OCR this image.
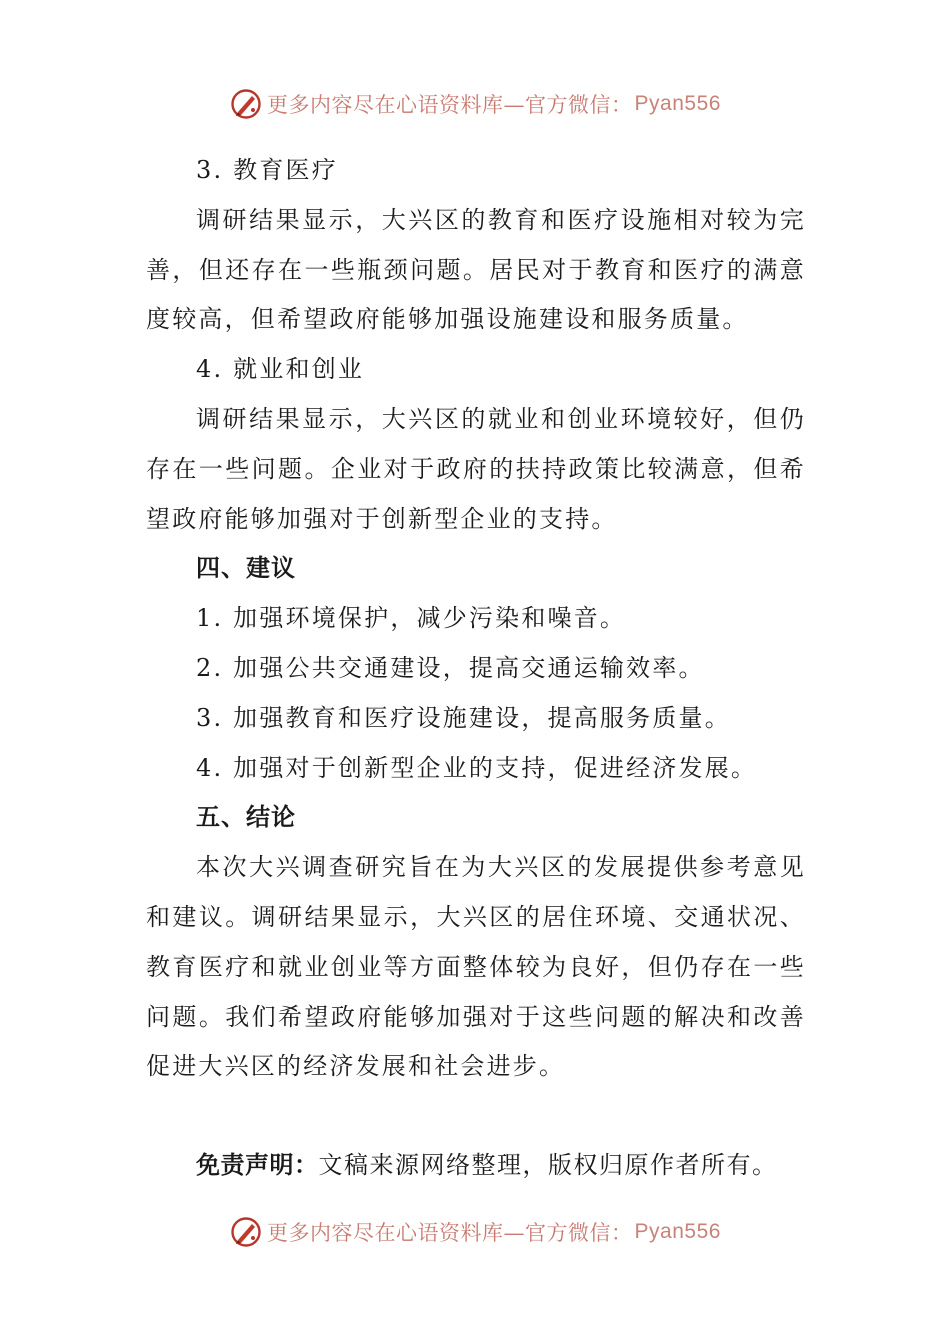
更多内容尽在心语资料库—官方微信： Pyan556
3. 教育医疗

调研结果显示，大兴区的教育和医疗设施相对较为完善，但还存在一些瓶颈问题。居民对于教育和医疗的满意度较高，但希望政府能够加强设施建设和服务质量。

4. 就业和创业

调研结果显示，大兴区的就业和创业环境较好，但仍存在一些问题。企业对于政府的扶持政策比较满意，但希望政府能够加强对于创新型企业的支持。

四、建议
1. 加强环境保护，减少污染和噪音。
2. 加强公共交通建设，提高交通运输效率。
3. 加强教育和医疗设施建设，提高服务质量。
4. 加强对于创新型企业的支持，促进经济发展。
五、结论

本次大兴调查研究旨在为大兴区的发展提供参考意见和建议。调研结果显示，大兴区的居住环境、交通状况、教育医疗和就业创业等方面整体较为良好，但仍存在一些问题。我们希望政府能够加强对于这些问题的解决和改善促进大兴区的经济发展和社会进步。

免责声明：文稿来源网络整理，版权归原作者所有。
更多内容尽在心语资料库—官方微信： Pyan556
